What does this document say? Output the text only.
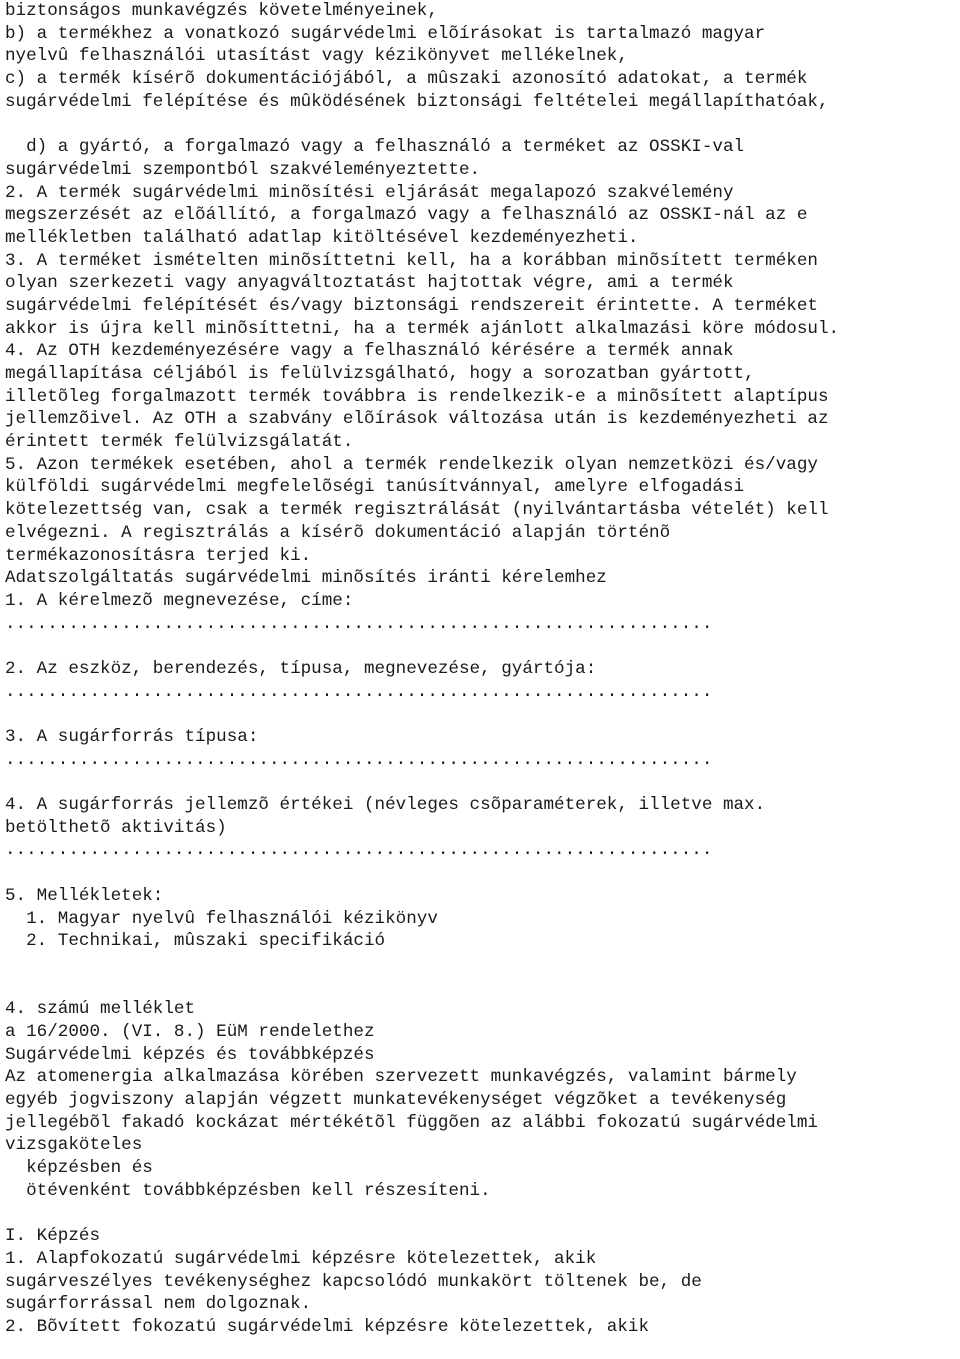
biztonságos munkavégzés követelményeinek,
b) a termékhez a vonatkozó sugárvédelmi elõírásokat is tartalmazó magyar
nyelvû felhasználói utasítást vagy kézikönyvet mellékelnek,
c) a termék kísérõ dokumentációjából, a mûszaki azonosító adatokat, a termék
sugárvédelmi felépítése és mûködésének biztonsági feltételei megállapíthatóak,
d) a gyártó, a forgalmazó vagy a felhasználó a terméket az OSSKI-val
sugárvédelmi szempontból szakvéleményeztette.
2. A termék sugárvédelmi minõsítési eljárását megalapozó szakvélemény
megszerzését az elõállító, a forgalmazó vagy a felhasználó az OSSKI-nál az e
mellékletben található adatlap kitöltésével kezdeményezheti.
3. A terméket ismételten minõsíttetni kell, ha a korábban minõsített terméken
olyan szerkezeti vagy anyagváltoztatást hajtottak végre, ami a termék
sugárvédelmi felépítését és/vagy biztonsági rendszereit érintette. A terméket
akkor is újra kell minõsíttetni, ha a termék ajánlott alkalmazási köre módosul.
4. Az OTH kezdeményezésére vagy a felhasználó kérésére a termék annak
megállapítása céljából is felülvizsgálható, hogy a sorozatban gyártott,
illetõleg forgalmazott termék továbbra is rendelkezik-e a minõsített alaptípus
jellemzõivel. Az OTH a szabvány elõírások változása után is kezdeményezheti az
érintett termék felülvizsgálatát.
5. Azon termékek esetében, ahol a termék rendelkezik olyan nemzetközi és/vagy
külföldi sugárvédelmi megfelelõségi tanúsítvánnyal, amelyre elfogadási
kötelezettség van, csak a termék regisztrálását (nyilvántartásba vételét) kell
elvégezni. A regisztrálás a kísérõ dokumentáció alapján történõ
termékazonosításra terjed ki.
Adatszolgáltatás sugárvédelmi minõsítés iránti kérelemhez
1. A kérelmezõ megnevezése, címe:
...................................................................
2. Az eszköz, berendezés, típusa, megnevezése, gyártója:
...................................................................
3. A sugárforrás típusa:
...................................................................
4. A sugárforrás jellemzõ értékei (névleges csõparaméterek, illetve max.
betölthetõ aktivitás)
...................................................................
5. Mellékletek:
1. Magyar nyelvû felhasználói kézikönyv
2. Technikai, mûszaki specifikáció
4. számú melléklet
a 16/2000. (VI. 8.) EüM rendelethez
Sugárvédelmi képzés és továbbképzés
Az atomenergia alkalmazása körében szervezett munkavégzés, valamint bármely
egyéb jogviszony alapján végzett munkatevékenységet végzõket a tevékenység
jellegébõl fakadó kockázat mértékétõl függõen az alábbi fokozatú sugárvédelmi
vizsgaköteles
képzésben és
ötévenként továbbképzésben kell részesíteni.
I. Képzés
1. Alapfokozatú sugárvédelmi képzésre kötelezettek, akik
sugárveszélyes tevékenységhez kapcsolódó munkakört töltenek be, de
sugárforrással nem dolgoznak.
2. Bõvített fokozatú sugárvédelmi képzésre kötelezettek, akik
